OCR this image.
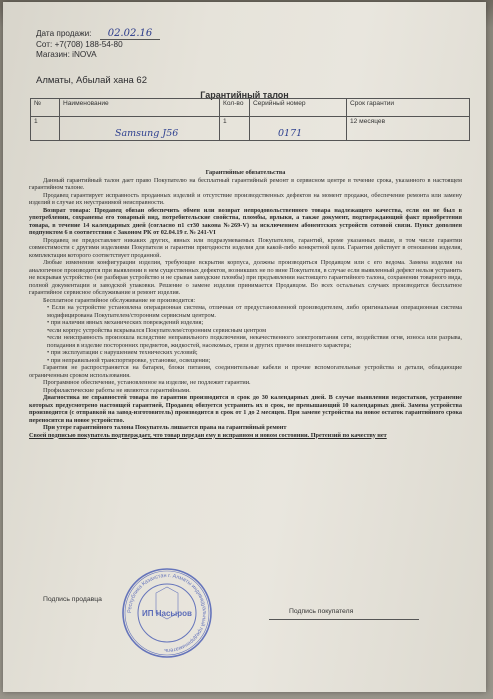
Дата продажи: 02.02.16
Сот: +7(708) 188-54-80
Магазин: iNOVA
Алматы, Абылай хана 62
Гарантийный талон
№	Наименование	Кол-во	Серийный номер	Срок гарантии
1	Samsung J56	1	0171	12 месяцев

Гарантийные обязательства

Данный гарантийный талон дает право Покупателю на бесплатный гарантийный ремонт в сервисном центре в течение срока, указанного в настоящем гарантийном талоне.

Продавец гарантирует исправность проданных изделий и отсутствие производственных дефектов на момент продажи, обеспечение ремонта или замену изделий в случае их неустранимой неисправности.

Возврат товара: Продавец обязан обеспечить обмен или возврат непродовольственного товара надлежащего качества, если он не был в употреблении, сохранены его товарный вид, потребительские свойства, пломбы, ярлыки, а также документ, подтверждающий факт приобретения товара, в течение 14 календарных дней (согласно п1 ст30 закона №269-V) за исключением абонентских устройств сотовой связи. Пункт дополнен подпунктом 6 в соответствии с Законом РК от 02.04.19 г. № 241-VI

Продавец не предоставляет никаких других, явных или подразумеваемых Покупателем, гарантий, кроме указанных выше, в том числе гарантии совместимости с другими изделиями Покупателя и гарантии пригодности изделия для какой-либо конкретной цели. Гарантия действует в отношении изделия, комплектация которого соответствует проданной.

Любые изменения конфигурации изделия, требующие вскрытия корпуса, должны производиться Продавцом или с его ведома. Замена изделия на аналогичное производится при выявлении в нем существенных дефектов, возникших не по вине Покупателя, в случае если выявленный дефект нельзя устранить не вскрывая устройство (не разбирая устройство и не срывая заводские пломбы) при предъявлении настоящего гарантийного талона, сохранении товарного вида, полной документации и заводской упаковки. Решение о замене изделия принимается Продавцом. Во всех остальных случаях производится бесплатное гарантийное сервисное обслуживание и ремонт изделия.

Бесплатное гарантийное обслуживание не производится:

• Если на устройстве установлена операционная система, отличная от предустановленной производителем, либо оригинальная операционная система модифицирована Покупателем/сторонним сервисным центром.

• при наличии явных механических повреждений изделия;

•если корпус устройства вскрывался Покупателем/сторонним сервисным центром

•если неисправность произошла вследствие неправильного подключения, некачественного электропитания сети, воздействия огня, износа или разрыва, попадания в изделие посторонних предметов, жидкостей, насекомых, грязи и других причин внешнего характера;

• при эксплуатации с нарушением технических условий;

• при неправильной транспортировке, установке, освещении;

Гарантия не распространяется на батареи, блоки питания, соединительные кабели и прочие вспомогательные устройства и детали, обладающие ограниченным сроком использования.

Программное обеспечение, установленное на изделие, не подлежит гарантии.

Профилактические работы не являются гарантийными.

Диагностика не справностей товара по гарантии производится в срок до 30 календарных дней. В случае выявления недостатков, устранение которых предусмотрено настоящей гарантией, Продавец обязуется устранить их в срок, не превышающий 10 календарных дней. Замена устройства производится (с отправкой на завод-изготовитель) производится в срок от 1 до 2 месяцев. При замене устройства на новое остаток гарантийного срока переносится на новое устройство.

При утере гарантийного талона Покупатель лишается права на гарантийный ремонт

Своей подписью покупатель подтверждает, что товар передан ему в исправном и новом состоянии. Претензий по качеству нет

Подпись продавца
Подпись покупателя
Республика Казахстан г. Алматы индивидуальный предприниматель
ИП Насыров
